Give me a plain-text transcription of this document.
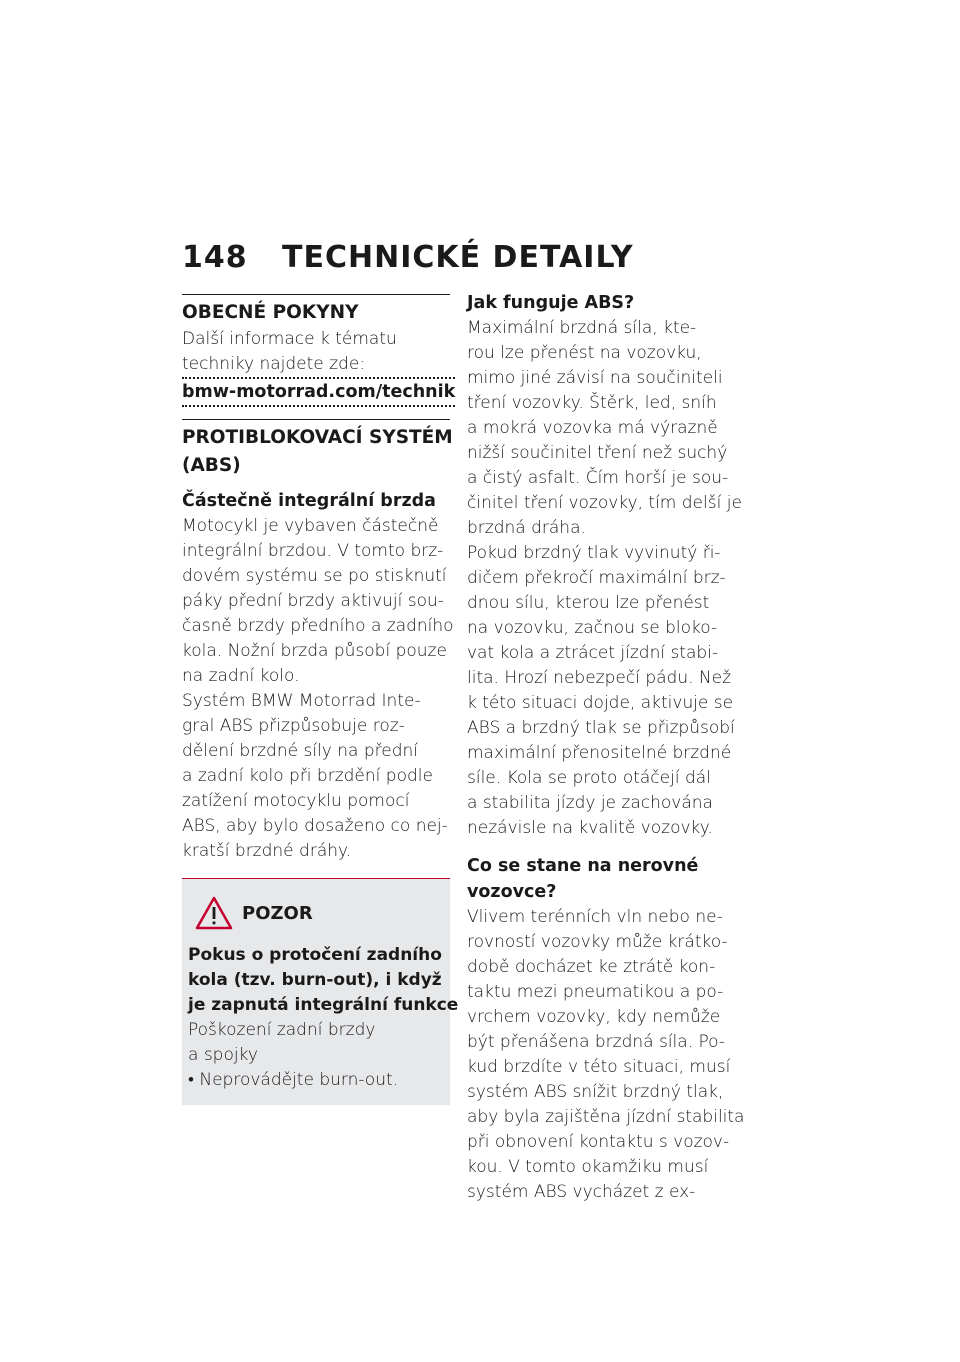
148 TECHNICKÉ DETAILY
OBECNÉ POKYNY
Další informace k tématu
techniky najdete zde:
bmw-motorrad.com/technik
PROTIBLOKOVACÍ SYSTÉM
(ABS)
Částečně integrální brzda
Motocykl je vybaven částečně
integrální brzdou. V tomto brz-
dovém systému se po stisknutí
páky přední brzdy aktivují sou-
časně brzdy předního a zadního
kola. Nožní brzda působí pouze
na zadní kolo.
Systém BMW Motorrad Inte-
gral ABS přizpůsobuje roz-
dělení brzdné síly na přední
a zadní kolo při brzdění podle
zatížení motocyklu pomocí
ABS, aby bylo dosaženo co nej-
kratší brzdné dráhy.
POZOR
Pokus o protočení zadního
kola (tzv. burn-out), i když
je zapnutá integrální funkce
Poškození zadní brzdy
a spojky
• Neprovádějte burn-out.
Jak funguje ABS?
Maximální brzdná síla, kte-
rou lze přenést na vozovku,
mimo jiné závisí na součiniteli
tření vozovky. Štěrk, led, sníh
a mokrá vozovka má výrazně
nižší součinitel tření než suchý
a čistý asfalt. Čím horší je sou-
činitel tření vozovky, tím delší je
brzdná dráha.
Pokud brzdný tlak vyvinutý ři-
dičem překročí maximální brz-
dnou sílu, kterou lze přenést
na vozovku, začnou se bloko-
vat kola a ztrácet jízdní stabi-
lita. Hrozí nebezpečí pádu. Než
k této situaci dojde, aktivuje se
ABS a brzdný tlak se přizpůsobí
maximální přenositelné brzdné
síle. Kola se proto otáčejí dál
a stabilita jízdy je zachována
nezávisle na kvalitě vozovky.
Co se stane na nerovné
vozovce?
Vlivem terénních vln nebo ne-
rovností vozovky může krátko-
době docházet ke ztrátě kon-
taktu mezi pneumatikou a po-
vrchem vozovky, kdy nemůže
být přenášena brzdná síla. Po-
kud brzdíte v této situaci, musí
systém ABS snížit brzdný tlak,
aby byla zajištěna jízdní stabilita
při obnovení kontaktu s vozov-
kou. V tomto okamžiku musí
systém ABS vycházet z ex-
